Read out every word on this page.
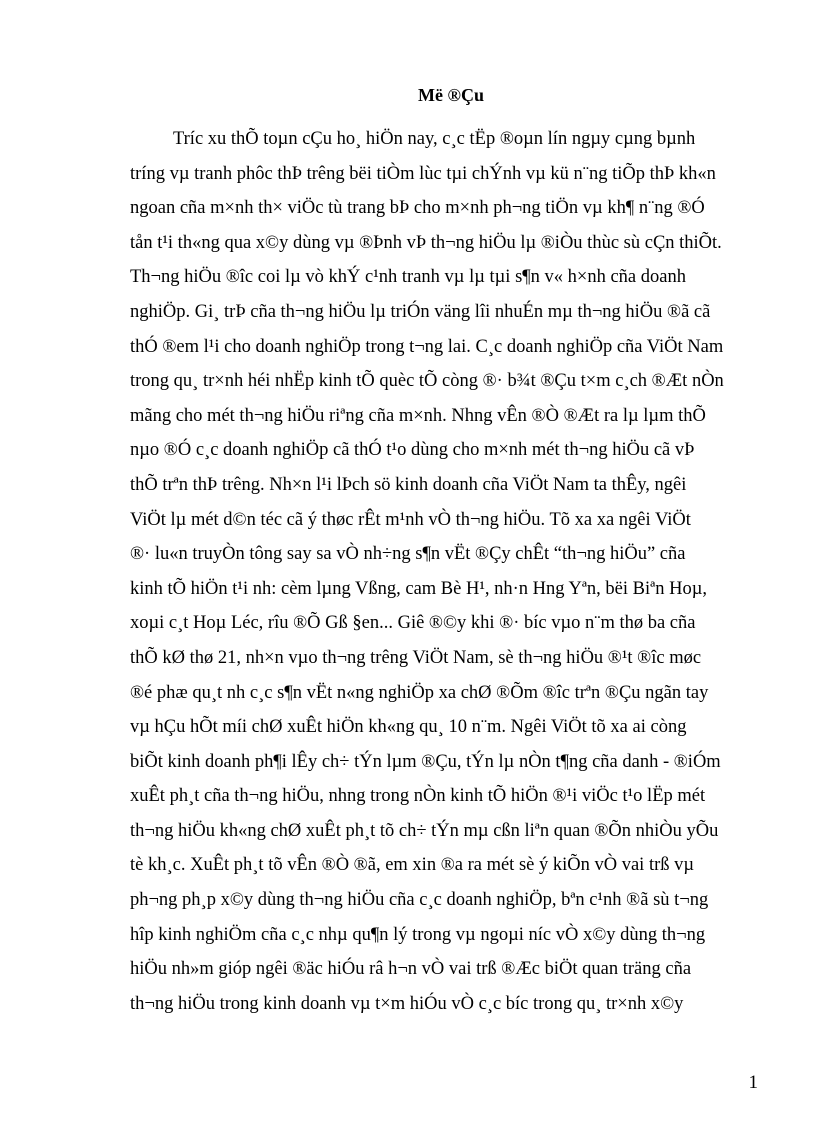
Më ®Çu
Tríc xu thÕ toµn cÇu ho¸ hiÖn nay, c¸c tËp ®oµn lín ngµy cµng bµnh
tríng vµ tranh phôc thÞ trêng bëi tiÒm lùc tµi chÝnh vµ kü n¨ng tiÕp thÞ kh«n
ngoan cña m×nh th× viÖc tù trang bÞ cho m×nh ph¬ng tiÖn vµ kh¶ n¨ng ®Ó
tån t¹i th«ng qua x©y dùng vµ ®Þnh vÞ th¬ng hiÖu lµ ®iÒu thùc sù cÇn thiÕt.
Th¬ng hiÖu ®îc coi lµ vò khÝ c¹nh tranh vµ lµ tµi s¶n v« h×nh cña doanh
nghiÖp. Gi¸ trÞ cña th¬ng hiÖu lµ triÓn väng lîi nhuÉn mµ th¬ng hiÖu ®ã cã
thÓ ®em l¹i cho doanh nghiÖp trong t¬ng lai. C¸c doanh nghiÖp cña ViÖt Nam
trong qu¸ tr×nh héi nhËp kinh tÕ quèc tÕ còng ®· b¾t ®Çu t×m c¸ch ®Æt nÒn
mãng cho mét th¬ng hiÖu riªng cña m×nh. Nhng vÊn ®Ò ®Æt ra lµ lµm thÕ
nµo ®Ó c¸c doanh nghiÖp cã thÓ t¹o dùng cho m×nh mét th¬ng hiÖu cã vÞ
thÕ trªn thÞ trêng. Nh×n l¹i lÞch sö kinh doanh cña ViÖt Nam ta thÊy, ngêi
ViÖt lµ mét d©n téc cã ý thøc rÊt m¹nh vÒ th¬ng hiÖu. Tõ xa xa ngêi ViÖt
®· lu«n truyÒn tông say sa vÒ nh÷ng s¶n vËt ®Çy chÊt “th¬ng hiÖu” cña
kinh tÕ hiÖn t¹i nh: cèm lµng Vßng, cam Bè H¹, nh·n Hng Yªn, bëi Biªn Hoµ,
xoµi c¸t Hoµ Léc, rîu ®Õ Gß §en... Giê ®©y khi ®· bíc vµo n¨m thø ba cña
thÕ kØ thø 21, nh×n vµo th¬ng trêng ViÖt Nam, sè th¬ng hiÖu ®¹t ®îc møc
®é phæ qu¸t nh c¸c s¶n vËt n«ng nghiÖp xa chØ ®Õm ®îc trªn ®Çu ngãn tay
vµ hÇu hÕt míi chØ xuÊt hiÖn kh«ng qu¸ 10 n¨m. Ngêi ViÖt tõ xa ai còng
biÕt kinh doanh ph¶i lÊy ch÷ tÝn lµm ®Çu, tÝn lµ nÒn t¶ng cña danh - ®iÓm
xuÊt ph¸t cña th¬ng hiÖu, nhng trong nÒn kinh tÕ hiÖn ®¹i viÖc t¹o lËp mét
th¬ng hiÖu kh«ng chØ xuÊt ph¸t tõ ch÷ tÝn mµ cßn liªn quan ®Õn nhiÒu yÕu
tè kh¸c. XuÊt ph¸t tõ vÊn ®Ò ®ã, em xin ®a ra mét sè ý kiÕn vÒ vai trß vµ
ph¬ng ph¸p x©y dùng th¬ng hiÖu cña c¸c doanh nghiÖp, bªn c¹nh ®ã sù t¬ng
hîp kinh nghiÖm cña c¸c nhµ qu¶n lý trong vµ ngoµi níc vÒ x©y dùng th¬ng
hiÖu nh»m gióp ngêi ®äc hiÓu râ h¬n vÒ vai trß ®Æc biÖt quan träng cña
th¬ng hiÖu trong kinh doanh vµ t×m hiÓu vÒ c¸c bíc trong qu¸ tr×nh x©y
1
